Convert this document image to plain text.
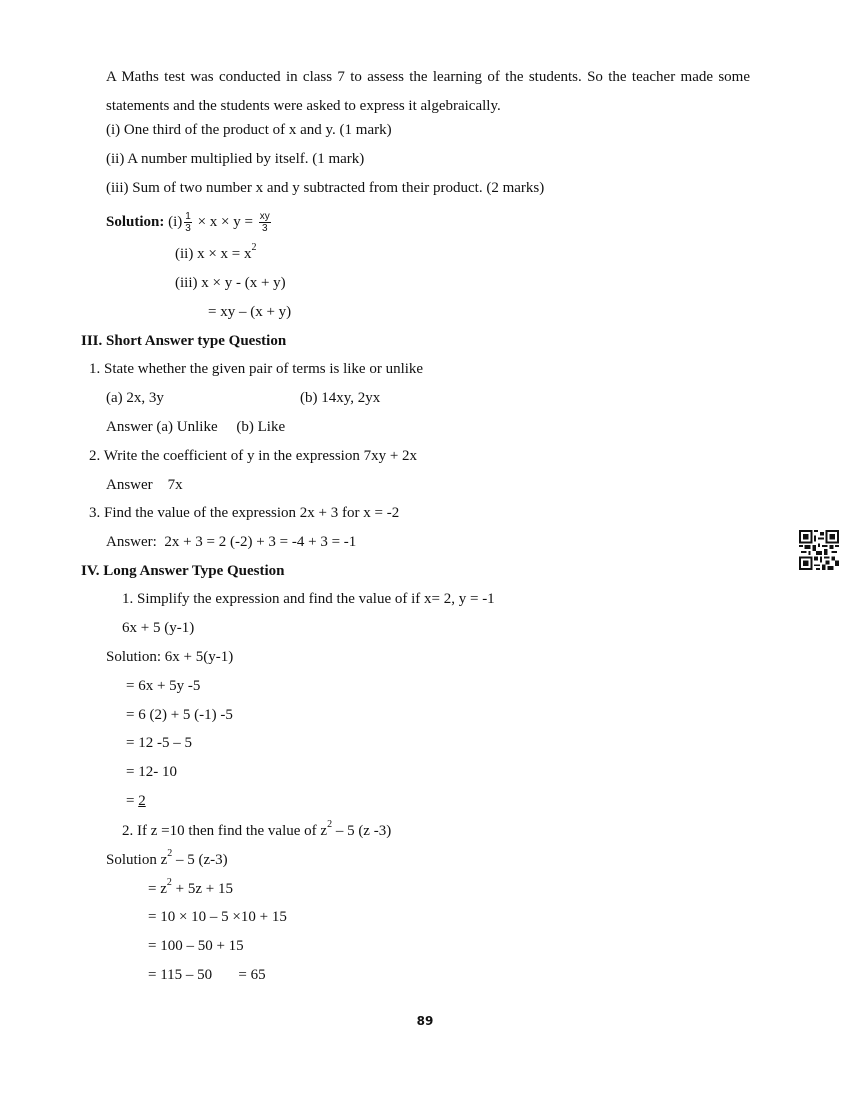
A Maths test was conducted in class 7 to assess the learning of the students. So the teacher made some statements and the students were asked to express it algebraically.
(i) One third of the product of x and y. (1 mark)
(ii) A number multiplied by itself. (1 mark)
(iii) Sum of two number x and y subtracted from their product. (2 marks)
Solution: $(i) \frac{1}{3} \times x \times y = \frac{xy}{3}$
(ii) $x \times x = x^2$
(iii) x × y - (x + y)
= xy – (x + y)
III. Short Answer type Question
1. State whether the given pair of terms is like or unlike
(a) 2x, 3y	(b) 14xy, 2yx
Answer (a) Unlike     (b) Like
2. Write the coefficient of y in the expression 7xy + 2x
Answer    7x
3. Find the value of the expression 2x + 3 for x = -2
Answer:  2x + 3 = 2 (-2) + 3 = -4 + 3 = -1
IV. Long Answer Type Question
1. Simplify the expression and find the value of if x= 2, y = -1
6x + 5 (y-1)
Solution: 6x + 5(y-1)
= 6x + 5y -5
= 6 (2) + 5 (-1) -5
= 12 -5 – 5
= 12- 10
= 2
2. If z =10 then find the value of $z^2 - 5$ (z -3)
Solution $z^2 - 5$ (z-3)
= $z^2 + 5z + 15$
= 10 × 10 – 5 ×10 + 15
= 100 – 50 + 15
= 115 – 50       = 65
89
